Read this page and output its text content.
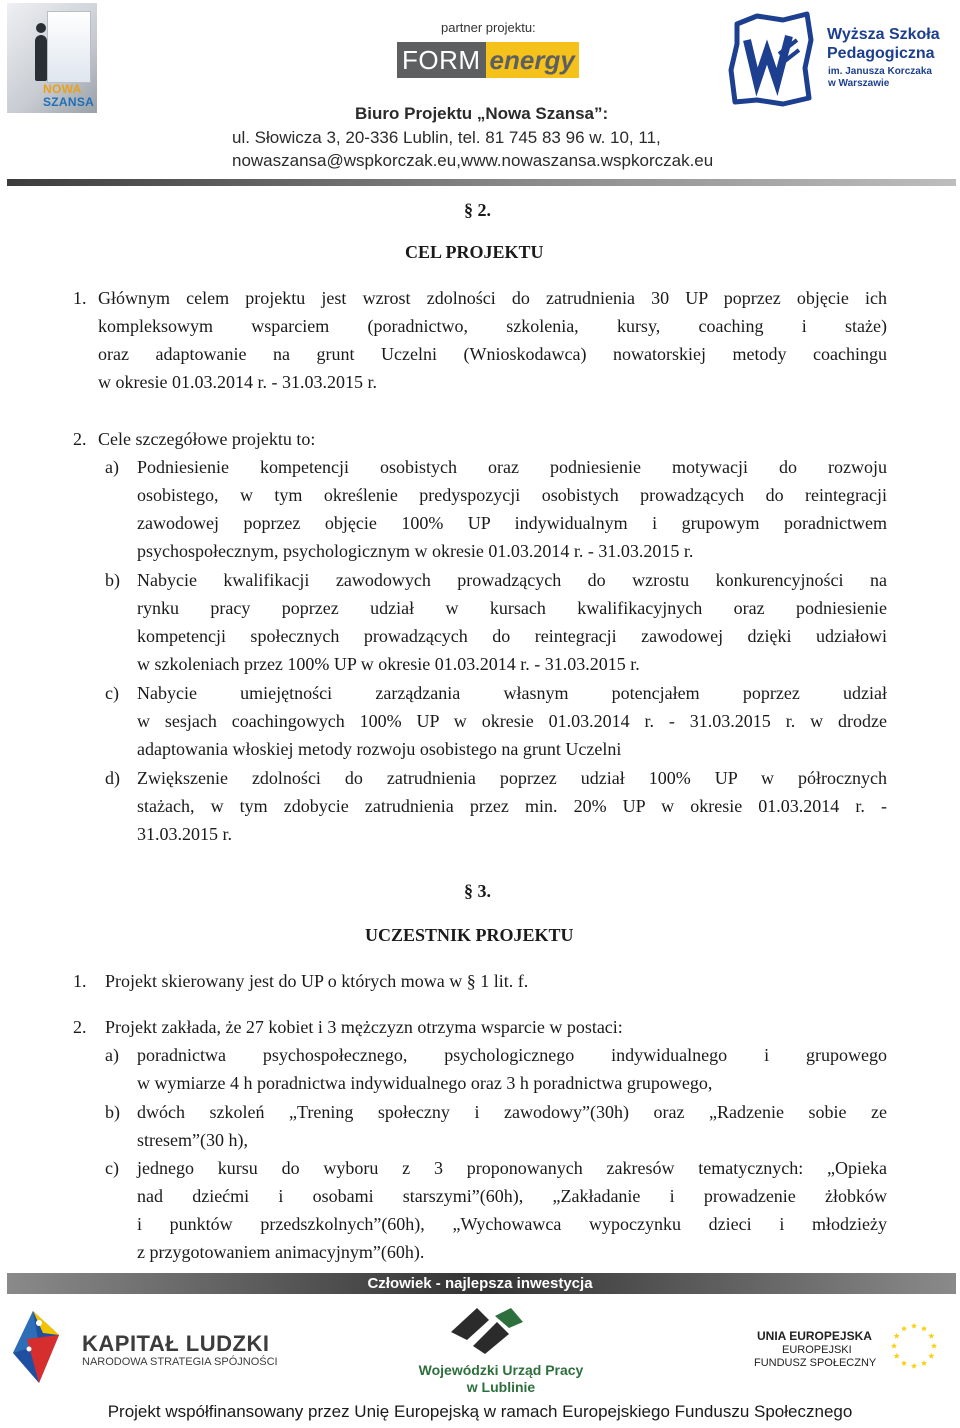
NOWA
SZANSA
partner projektu:
FORM energy
Biuro Projektu „Nowa Szansa”:
ul. Słowicza 3, 20-336 Lublin, tel. 81 745 83 96 w. 10, 11,
nowaszansa@wspkorczak.eu,www.nowaszansa.wspkorczak.eu
Wyższa Szkoła
Pedagogiczna
im. Janusza Korczaka
w Warszawie
§ 2.
CEL PROJEKTU
1. Głównym celem projektu jest wzrost zdolności do zatrudnienia 30 UP poprzez objęcie ich
kompleksowym wsparciem (poradnictwo, szkolenia, kursy, coaching i staże)
oraz adaptowanie na grunt Uczelni (Wnioskodawca) nowatorskiej metody coachingu
w okresie 01.03.2014 r. - 31.03.2015 r.
2. Cele szczegółowe projektu to:
a) Podniesienie kompetencji osobistych oraz podniesienie motywacji do rozwoju
osobistego, w tym określenie predyspozycji osobistych prowadzących do reintegracji
zawodowej poprzez objęcie 100% UP indywidualnym i grupowym poradnictwem
psychospołecznym, psychologicznym w okresie 01.03.2014 r. - 31.03.2015 r.
b) Nabycie kwalifikacji zawodowych prowadzących do wzrostu konkurencyjności na
rynku pracy poprzez udział w kursach kwalifikacyjnych oraz podniesienie
kompetencji społecznych prowadzących do reintegracji zawodowej dzięki udziałowi
w szkoleniach przez 100% UP w okresie 01.03.2014 r. - 31.03.2015 r.
c) Nabycie umiejętności zarządzania własnym potencjałem poprzez udział
w sesjach coachingowych 100% UP w okresie 01.03.2014 r. - 31.03.2015 r. w drodze
adaptowania włoskiej metody rozwoju osobistego na grunt Uczelni
d) Zwiększenie zdolności do zatrudnienia poprzez udział 100% UP w półrocznych
stażach, w tym zdobycie zatrudnienia przez min. 20% UP w okresie 01.03.2014 r. -
31.03.2015 r.
§ 3.
UCZESTNIK PROJEKTU
1. Projekt skierowany jest do UP o których mowa w § 1 lit. f.
2. Projekt zakłada, że 27 kobiet i 3 mężczyzn otrzyma wsparcie w postaci:
a) poradnictwa psychospołecznego, psychologicznego indywidualnego i grupowego
w wymiarze 4 h poradnictwa indywidualnego oraz 3 h poradnictwa grupowego,
b) dwóch szkoleń „Trening społeczny i zawodowy”(30h) oraz „Radzenie sobie ze
stresem”(30 h),
c) jednego kursu do wyboru z 3 proponowanych zakresów tematycznych: „Opieka
nad dziećmi i osobami starszymi”(60h), „Zakładanie i prowadzenie żłobków
i punktów przedszkolnych”(60h), „Wychowawca wypoczynku dzieci i młodzieży
z przygotowaniem animacyjnym”(60h).
Człowiek - najlepsza inwestycja
KAPITAŁ LUDZKI
NARODOWA STRATEGIA SPÓJNOŚCI	Wojewódzki Urząd Pracy
w Lublinie
UNIA EUROPEJSKA
EUROPEJSKI
FUNDUSZ SPOŁECZNY
Projekt współfinansowany przez Unię Europejską w ramach Europejskiego Funduszu Społecznego
